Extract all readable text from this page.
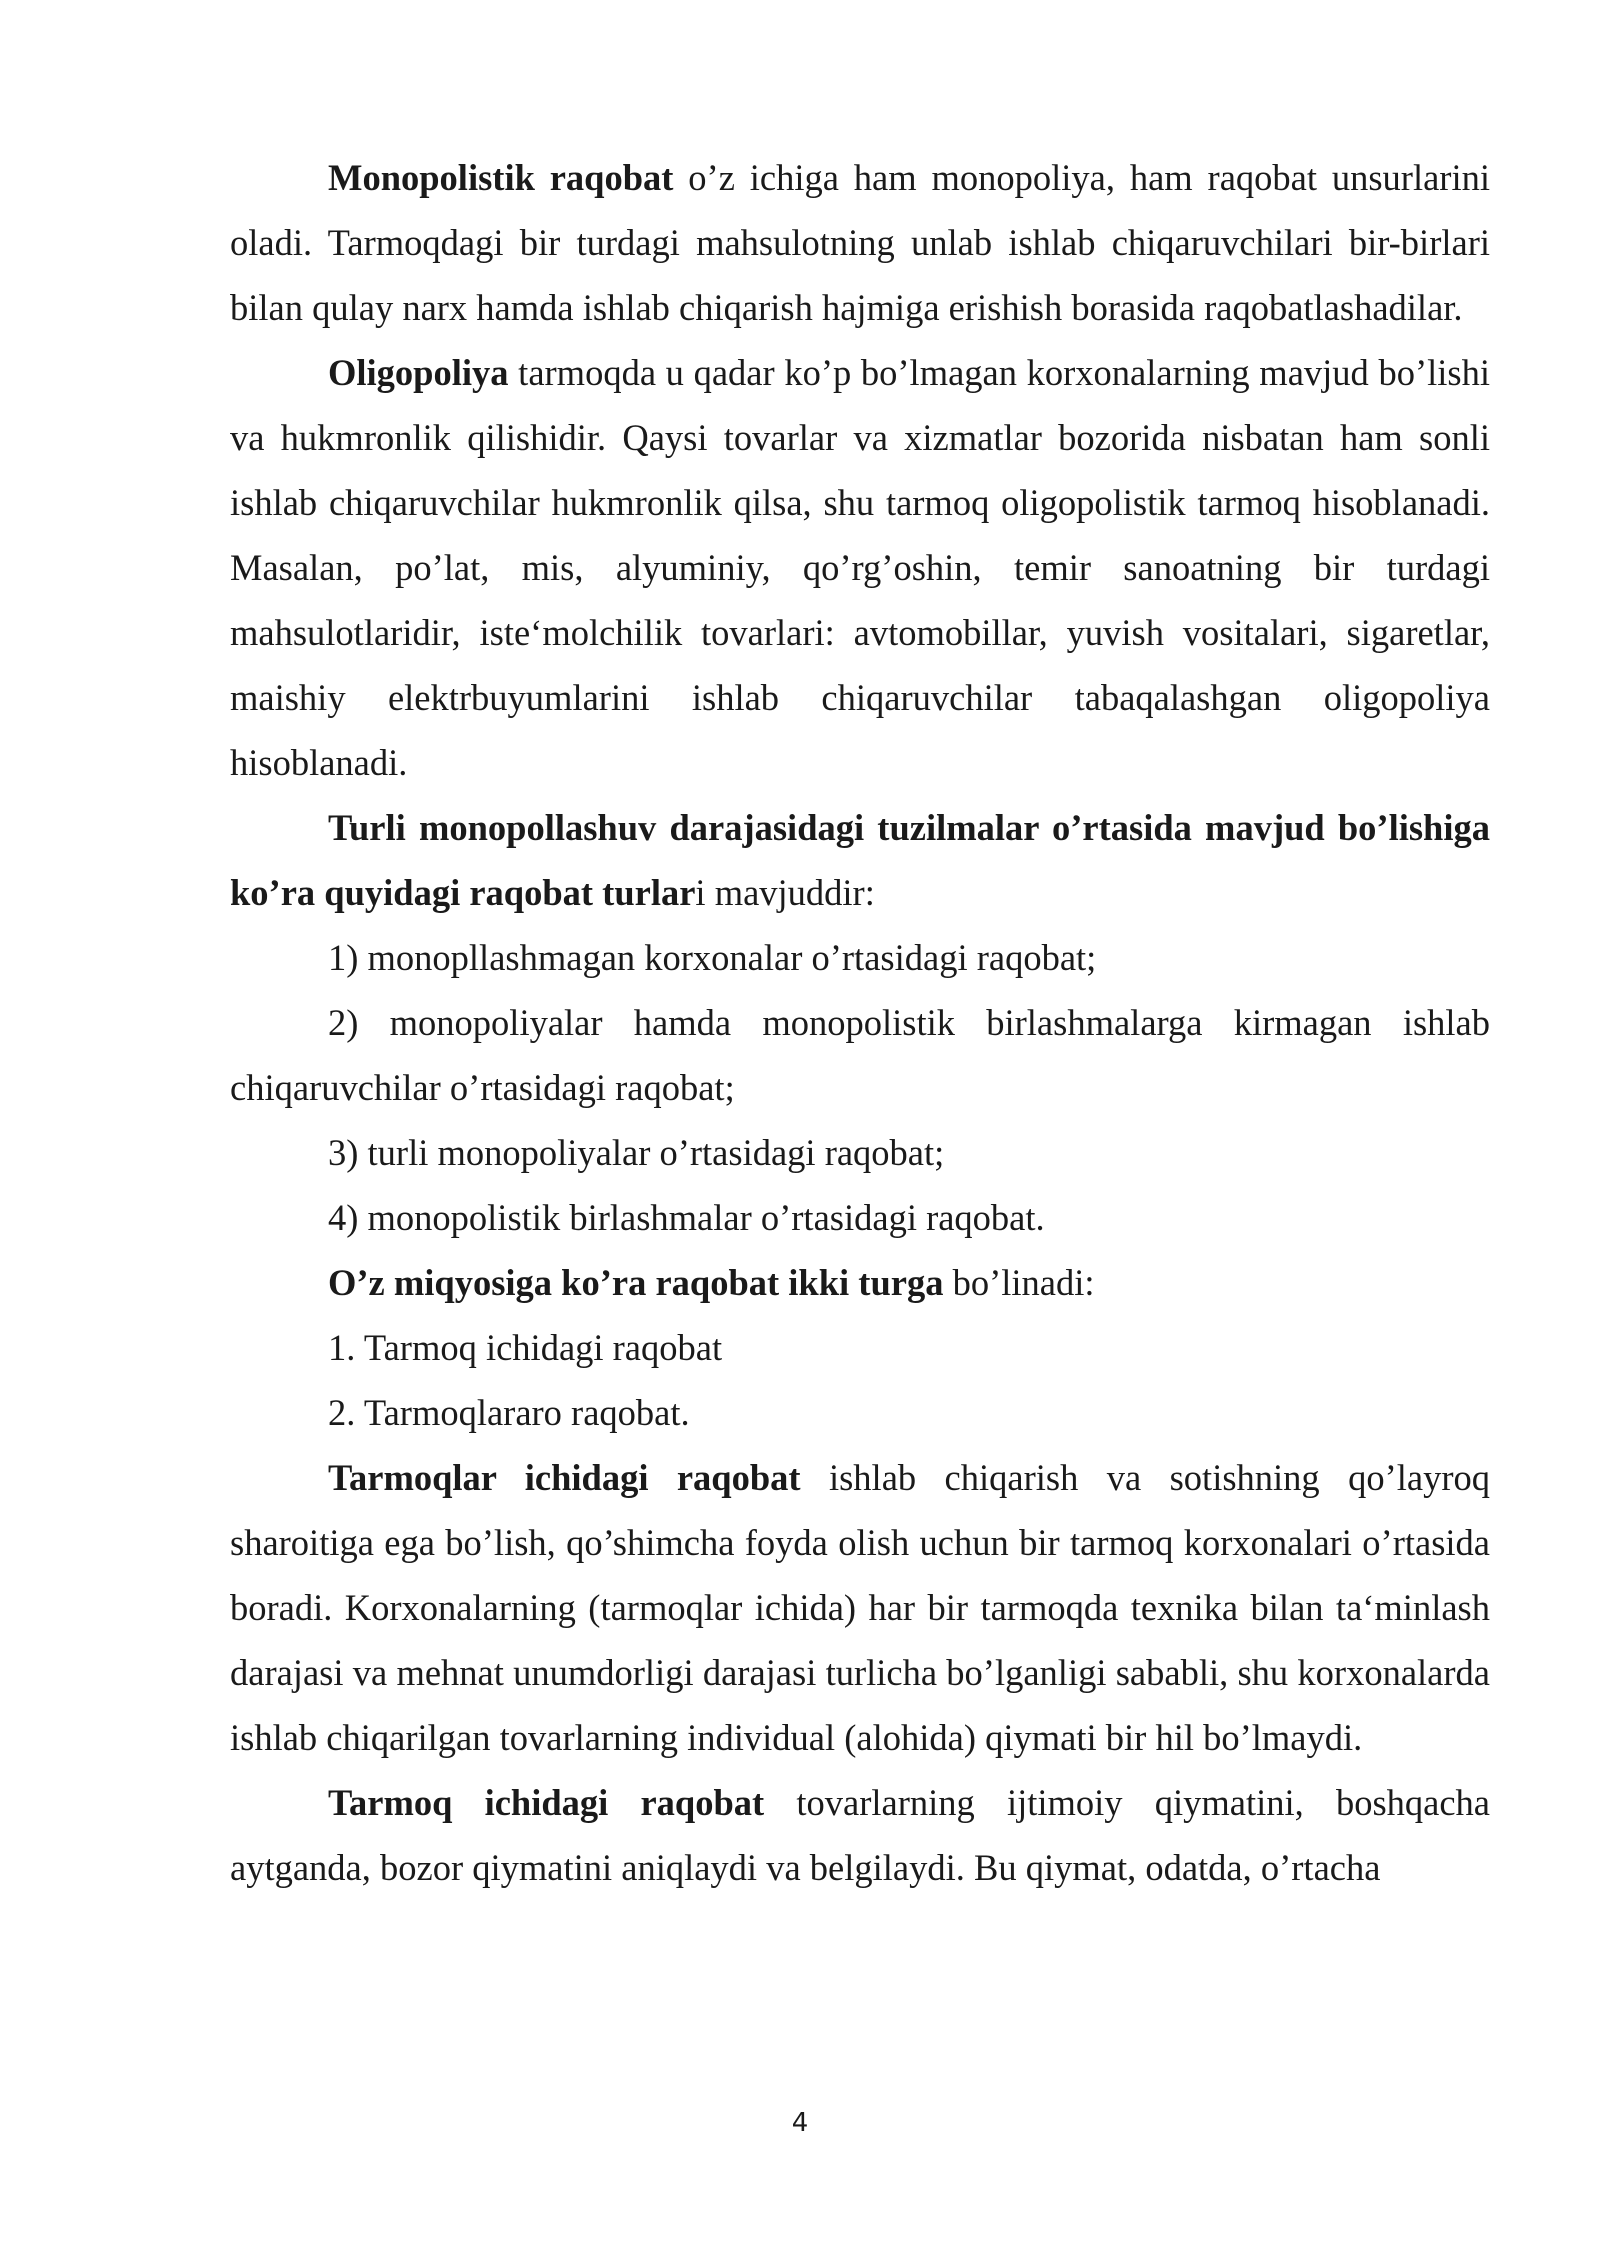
Monopolistik raqobat o’z ichiga ham monopoliya, ham raqobat unsurlarini oladi. Tarmoqdagi bir turdagi mahsulotning unlab ishlab chiqaruvchilari bir-birlari bilan qulay narx hamda ishlab chiqarish hajmiga erishish borasida raqobatlashadilar.

Oligopoliya tarmoqda u qadar ko’p bo’lmagan korxonalarning mavjud bo’lishi va hukmronlik qilishidir. Qaysi tovarlar va xizmatlar bozorida nisbatan ham sonli ishlab chiqaruvchilar hukmronlik qilsa, shu tarmoq oligopolistik tarmoq hisoblanadi. Masalan, po’lat, mis, alyuminiy, qo’rg’oshin, temir sanoatning bir turdagi mahsulotlaridir, iste‘molchilik tovarlari: avtomobillar, yuvish vositalari, sigaretlar, maishiy elektrbuyumlarini ishlab chiqaruvchilar tabaqalashgan oligopoliya hisoblanadi.

Turli monopollashuv darajasidagi tuzilmalar o’rtasida mavjud bo’lishiga ko’ra quyidagi raqobat turlari mavjuddir:

1) monopllashmagan korxonalar o’rtasidagi raqobat;

2) monopoliyalar hamda monopolistik birlashmalarga kirmagan ishlab chiqaruvchilar o’rtasidagi raqobat;

3) turli monopoliyalar o’rtasidagi raqobat;

4) monopolistik birlashmalar o’rtasidagi raqobat.

O’z miqyosiga ko’ra raqobat ikki turga bo’linadi:

1. Tarmoq ichidagi raqobat

2. Tarmoqlararo raqobat.

Tarmoqlar ichidagi raqobat ishlab chiqarish va sotishning qo’layroq sharoitiga ega bo’lish, qo’shimcha foyda olish uchun bir tarmoq korxonalari o’rtasida boradi. Korxonalarning (tarmoqlar ichida) har bir tarmoqda texnika bilan ta‘minlash darajasi va mehnat unumdorligi darajasi turlicha bo’lganligi sababli, shu korxonalarda ishlab chiqarilgan tovarlarning individual (alohida) qiymati bir hil bo’lmaydi.

Tarmoq ichidagi raqobat tovarlarning ijtimoiy qiymatini, boshqacha aytganda, bozor qiymatini aniqlaydi va belgilaydi. Bu qiymat, odatda, o’rtacha

4
